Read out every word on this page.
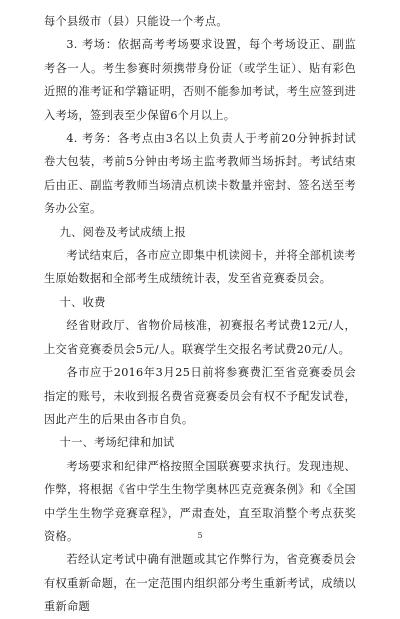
每个县级市（县）只能设一个考点。

3. 考场：依据高考考场要求设置，每个考场设正、副监考各一人。考生参赛时须携带身份证（或学生证）、贴有彩色近照的准考证和学籍证明，否则不能参加考试，考生应签到进入考场，签到表至少保留6个月以上。

4. 考务：各考点由3名以上负责人于考前20分钟拆封试卷大包装，考前5分钟由考场主监考教师当场拆封。考试结束后由正、副监考教师当场清点机读卡数量并密封、签名送至考务办公室。

九、阅卷及考试成绩上报

考试结束后，各市应立即集中机读阅卡，并将全部机读考生原始数据和全部考生成绩统计表，发至省竞赛委员会。

十、收费

经省财政厅、省物价局核准，初赛报名考试费12元/人，上交省竞赛委员会5元/人。联赛学生交报名考试费20元/人。

各市应于2016年3月25日前将参赛费汇至省竞赛委员会指定的账号，未收到报名费省竞赛委员会有权不予配发试卷，因此产生的后果由各市自负。

十一、考场纪律和加试

考场要求和纪律严格按照全国联赛要求执行。发现违规、作弊，将根据《省中学生生物学奥林匹克竞赛条例》和《全国中学生生物学竞赛章程》，严肃查处，直至取消整个考点获奖资格。

若经认定考试中确有泄题或其它作弊行为，省竞赛委员会有权重新命题，在一定范围内组织部分考生重新考试，成绩以重新命题

5
